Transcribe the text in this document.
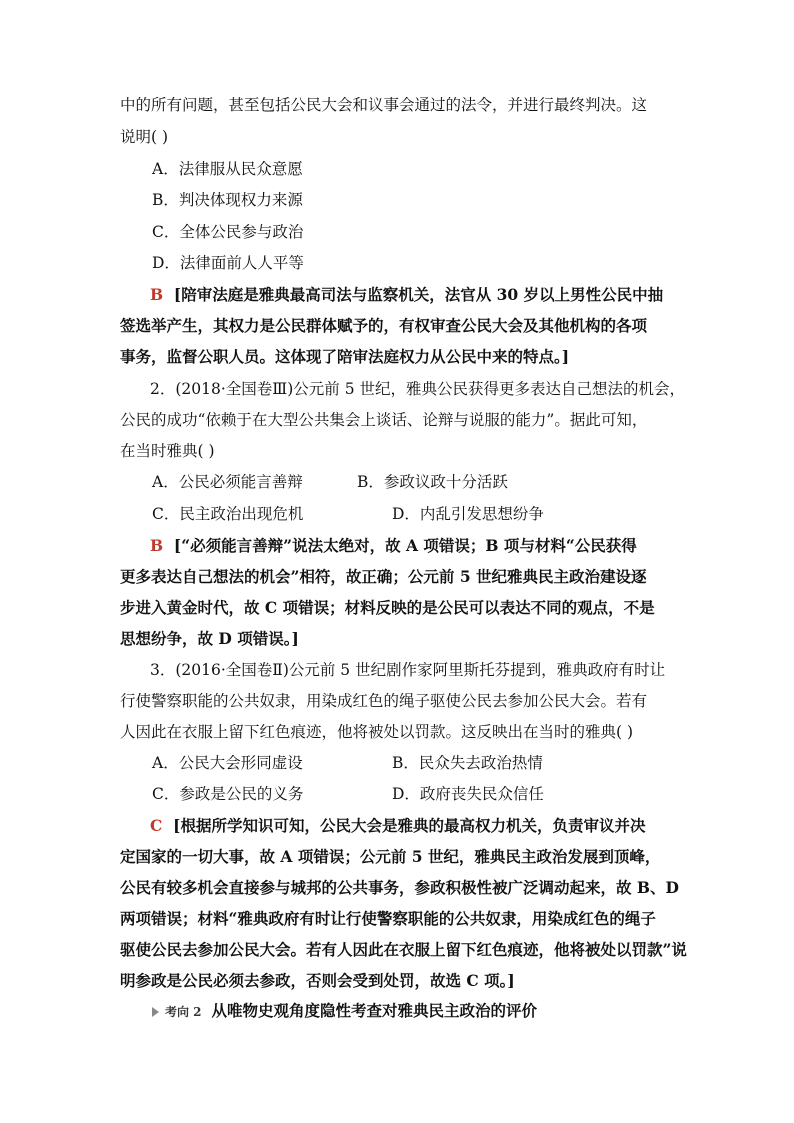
中的所有问题，甚至包括公民大会和议事会通过的法令，并进行最终判决。这
说明( )
A．法律服从民众意愿
B．判决体现权力来源
C．全体公民参与政治
D．法律面前人人平等
B [陪审法庭是雅典最高司法与监察机关，法官从 30 岁以上男性公民中抽
签选举产生，其权力是公民群体赋予的，有权审查公民大会及其他机构的各项
事务，监督公职人员。这体现了陪审法庭权力从公民中来的特点。]
2．(2018·全国卷Ⅲ)公元前 5 世纪，雅典公民获得更多表达自己想法的机会，
公民的成功“依赖于在大型公共集会上谈话、论辩与说服的能力”。据此可知，
在当时雅典( )
A．公民必须能言善辩	B．参政议政十分活跃
C．民主政治出现危机	D．内乱引发思想纷争
B [“必须能言善辩”说法太绝对，故 A 项错误；B 项与材料“公民获得
更多表达自己想法的机会”相符，故正确；公元前 5 世纪雅典民主政治建设逐
步进入黄金时代，故 C 项错误；材料反映的是公民可以表达不同的观点，不是
思想纷争，故 D 项错误。]
3．(2016·全国卷Ⅱ)公元前 5 世纪剧作家阿里斯托芬提到，雅典政府有时让
行使警察职能的公共奴隶，用染成红色的绳子驱使公民去参加公民大会。若有
人因此在衣服上留下红色痕迹，他将被处以罚款。这反映出在当时的雅典( )
A．公民大会形同虚设	B．民众失去政治热情
C．参政是公民的义务	D．政府丧失民众信任
C [根据所学知识可知，公民大会是雅典的最高权力机关，负责审议并决
定国家的一切大事，故 A 项错误；公元前 5 世纪，雅典民主政治发展到顶峰，
公民有较多机会直接参与城邦的公共事务，参政积极性被广泛调动起来，故 B、D
两项错误；材料“雅典政府有时让行使警察职能的公共奴隶，用染成红色的绳子
驱使公民去参加公民大会。若有人因此在衣服上留下红色痕迹，他将被处以罚款”说
明参政是公民必须去参政，否则会受到处罚，故选 C 项。]
考向 2 从唯物史观角度隐性考查对雅典民主政治的评价
